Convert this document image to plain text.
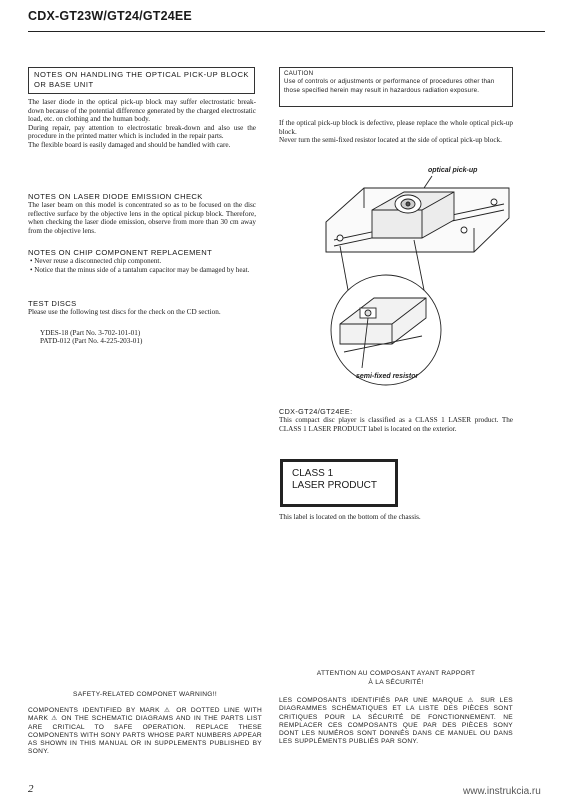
CDX-GT23W/GT24/GT24EE
NOTES ON HANDLING THE OPTICAL PICK-UP BLOCK OR BASE UNIT

The laser diode in the optical pick-up block may suffer electrostatic break-down because of the potential difference generated by the charged electrostatic load, etc. on clothing and the human body.

During repair, pay attention to electrostatic break-down and also use the procedure in the printed matter which is included in the repair parts.

The flexible board is easily damaged and should be handled with care.

NOTES ON LASER DIODE EMISSION CHECK

The laser beam on this model is concentrated so as to be focused on the disc reflective surface by the objective lens in the optical pickup block. Therefore, when checking the laser diode emission, observe from more than 30 cm away from the objective lens.

NOTES ON CHIP COMPONENT REPLACEMENT

• Never reuse a disconnected chip component.

• Notice that the minus side of a tantalum capacitor may be damaged by heat.

TEST DISCS

Please use the following test discs for the check on the CD section.

YDES-18 (Part No. 3-702-101-01)

PATD-012 (Part No. 4-225-203-01)

CAUTION
Use of controls or adjustments or performance of procedures other than those specified herein may result in hazardous radiation exposure.

If the optical pick-up block is defective, please replace the whole optical pick-up block.

Never turn the semi-fixed resistor located at the side of optical pick-up block.

optical pick-up
semi-fixed resistor

CDX-GT24/GT24EE:

This compact disc player is classified as a CLASS 1 LASER product. The CLASS 1 LASER PRODUCT label is located on the exterior.

CLASS 1
LASER PRODUCT

This label is located on the bottom of the chassis.

SAFETY-RELATED COMPONET WARNING!!
COMPONENTS IDENTIFIED BY MARK ⚠ OR DOTTED LINE WITH MARK ⚠ ON THE SCHEMATIC DIAGRAMS AND IN THE PARTS LIST ARE CRITICAL TO SAFE OPERATION. REPLACE THESE COMPONENTS WITH SONY PARTS WHOSE PART NUMBERS APPEAR AS SHOWN IN THIS MANUAL OR IN SUPPLEMENTS PUBLISHED BY SONY.
ATTENTION AU COMPOSANT AYANT RAPPORT
À LA SÉCURITÉ!
LES COMPOSANTS IDENTIFIÉS PAR UNE MARQUE ⚠ SUR LES DIAGRAMMES SCHÉMATIQUES ET LA LISTE DES PIÈCES SONT CRITIQUES POUR LA SÉCURITÉ DE FONCTIONNEMENT. NE REMPLACER CES COMPOSANTS QUE PAR DES PIÈCES SONY DONT LES NUMÉROS SONT DONNÉS DANS CE MANUEL OU DANS LES SUPPLÉMENTS PUBLIÉS PAR SONY.
2	www.instrukcia.ru
